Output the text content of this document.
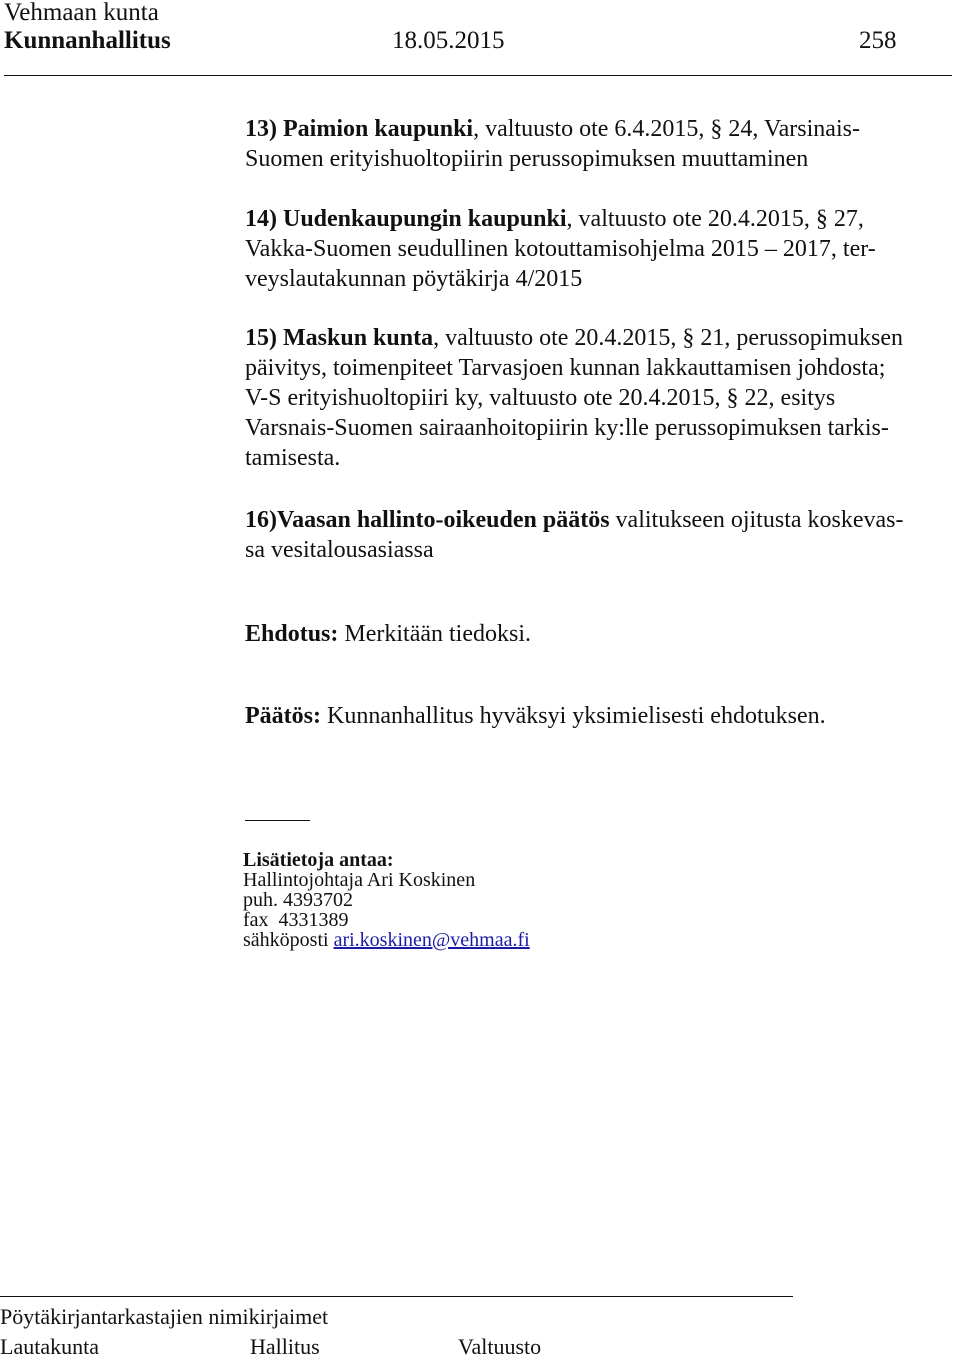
Vehmaan kunta
Kunnanhallitus	18.05.2015	258
13) Paimion kaupunki, valtuusto ote 6.4.2015, § 24, Varsinais-
Suomen erityishuoltopiirin perussopimuksen muuttaminen
14) Uudenkaupungin kaupunki, valtuusto ote 20.4.2015, § 27,
Vakka-Suomen seudullinen kotouttamisohjelma 2015 – 2017, ter-
veyslautakunnan pöytäkirja 4/2015
15) Maskun kunta, valtuusto ote 20.4.2015, § 21, perussopimuksen
päivitys, toimenpiteet Tarvasjoen kunnan lakkauttamisen johdosta;
V-S erityishuoltopiiri ky, valtuusto ote 20.4.2015, § 22, esitys
Varsnais-Suomen sairaanhoitopiirin ky:lle perussopimuksen tarkis-
tamisesta.
16)Vaasan hallinto-oikeuden päätös valitukseen ojitusta koskevas-
sa vesitalousasiassa
Ehdotus: Merkitään tiedoksi.
Päätös: Kunnanhallitus hyväksyi yksimielisesti ehdotuksen.
Lisätietoja antaa:
Hallintojohtaja Ari Koskinen
puh. 4393702
fax  4331389
sähköposti ari.koskinen@vehmaa.fi
Pöytäkirjantarkastajien nimikirjaimet
Lautakunta	Hallitus	Valtuusto
